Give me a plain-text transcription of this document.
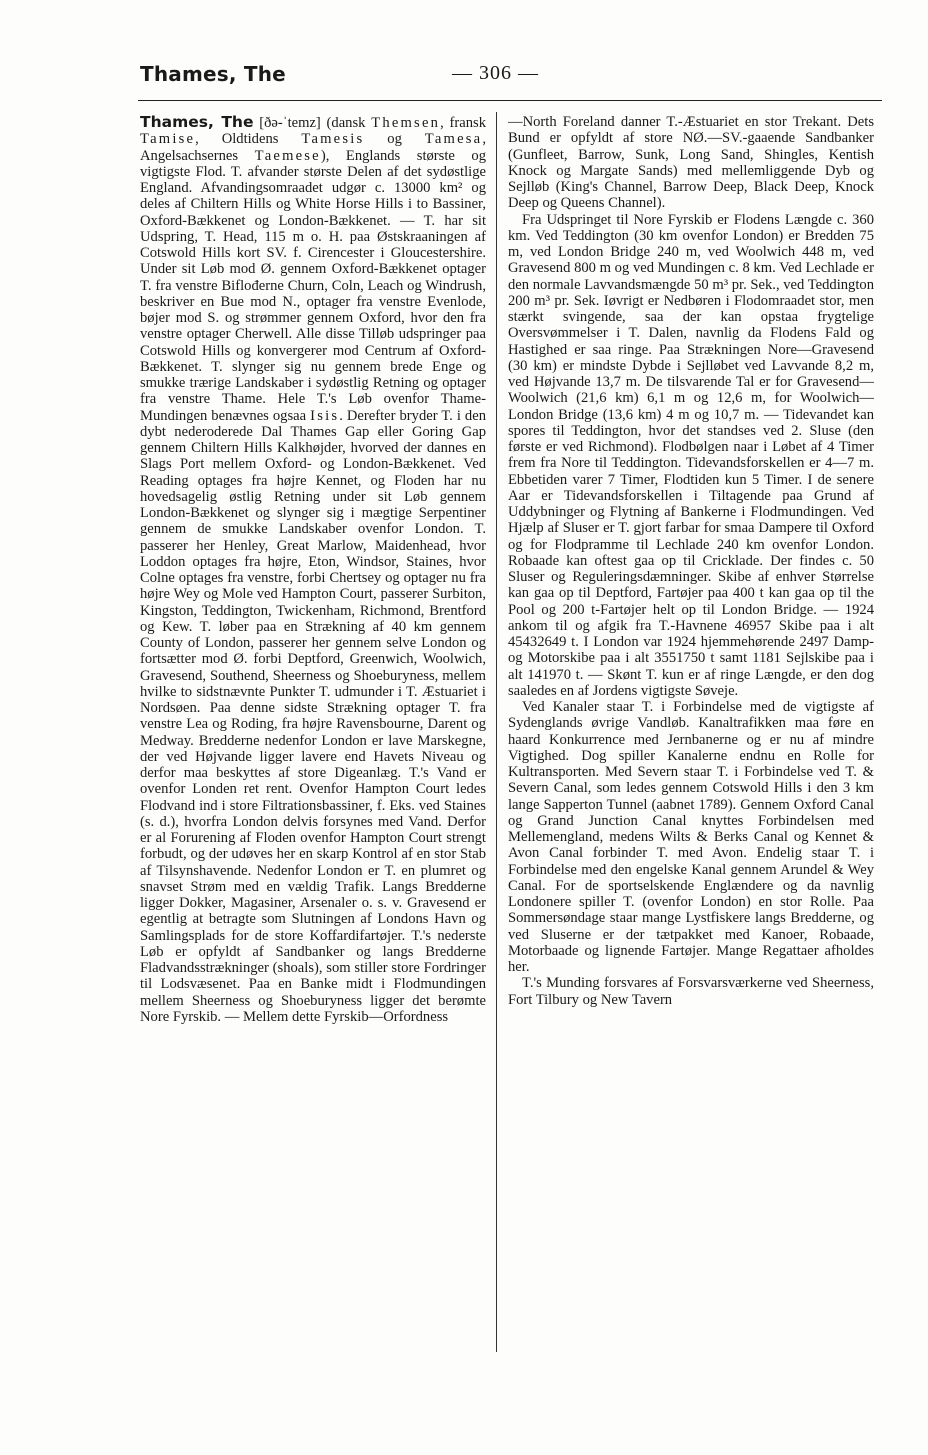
Thames, The	— 306 —

Thames, The [ðə-ˈtemz] (dansk Themsen, fransk Tamise, Oldtidens Tamesis og Tamesa, Angelsachsernes Taemese), Englands største og vigtigste Flod. T. afvander største Delen af det sydøstlige England. Afvandingsomraadet udgør c. 13000 km² og deles af Chiltern Hills og White Horse Hills i to Bassiner, Oxford-Bækkenet og London-Bækkenet. — T. har sit Udspring, T. Head, 115 m o. H. paa Østskraaningen af Cotswold Hills kort SV. f. Cirencester i Gloucestershire. Under sit Løb mod Ø. gennem Oxford-Bækkenet optager T. fra venstre Biflođerne Churn, Coln, Leach og Windrush, beskriver en Bue mod N., optager fra venstre Evenlode, bøjer mod S. og strømmer gennem Oxford, hvor den fra venstre optager Cherwell. Alle disse Tilløb udspringer paa Cotswold Hills og konvergerer mod Centrum af Oxford-Bækkenet. T. slynger sig nu gennem brede Enge og smukke trærige Landskaber i sydøstlig Retning og optager fra venstre Thame. Hele T.'s Løb ovenfor Thame-Mundingen benævnes ogsaa Isis. Derefter bryder T. i den dybt nederoderede Dal Thames Gap eller Goring Gap gennem Chiltern Hills Kalkhøjder, hvorved der dannes en Slags Port mellem Oxford- og London-Bækkenet. Ved Reading optages fra højre Kennet, og Floden har nu hovedsagelig østlig Retning under sit Løb gennem London-Bækkenet og slynger sig i mægtige Serpentiner gennem de smukke Landskaber ovenfor London. T. passerer her Henley, Great Marlow, Maidenhead, hvor Loddon optages fra højre, Eton, Windsor, Staines, hvor Colne optages fra venstre, forbi Chertsey og optager nu fra højre Wey og Mole ved Hampton Court, passerer Surbiton, Kingston, Teddington, Twickenham, Richmond, Brentford og Kew. T. løber paa en Strækning af 40 km gennem County of London, passerer her gennem selve London og fortsætter mod Ø. forbi Deptford, Greenwich, Woolwich, Gravesend, Southend, Sheerness og Shoeburyness, mellem hvilke to sidstnævnte Punkter T. udmunder i T. Æstuariet i Nordsøen. Paa denne sidste Strækning optager T. fra venstre Lea og Roding, fra højre Ravensbourne, Darent og Medway. Bredderne nedenfor London er lave Marskegne, der ved Højvande ligger lavere end Havets Niveau og derfor maa beskyttes af store Digeanlæg. T.'s Vand er ovenfor Londen ret rent. Ovenfor Hampton Court ledes Flodvand ind i store Filtrationsbassiner, f. Eks. ved Staines (s. d.), hvorfra London delvis forsynes med Vand. Derfor er al Forurening af Floden ovenfor Hampton Court strengt forbudt, og der udøves her en skarp Kontrol af en stor Stab af Tilsynshavende. Nedenfor London er T. en plumret og snavset Strøm med en vældig Trafik. Langs Bredderne ligger Dokker, Magasiner, Arsenaler o. s. v. Gravesend er egentlig at betragte som Slutningen af Londons Havn og Samlingsplads for de store Koffardifartøjer. T.'s nederste Løb er opfyldt af Sandbanker og langs Bredderne Fladvandsstrækninger (shoals), som stiller store Fordringer til Lodsvæsenet. Paa en Banke midt i Flodmundingen mellem Sheerness og Shoeburyness ligger det berømte Nore Fyrskib. — Mellem dette Fyrskib—Orfordness

—North Foreland danner T.-Æstuariet en stor Trekant. Dets Bund er opfyldt af store NØ.—SV.-gaaende Sandbanker (Gunfleet, Barrow, Sunk, Long Sand, Shingles, Kentish Knock og Margate Sands) med mellemliggende Dyb og Sejlløb (King's Channel, Barrow Deep, Black Deep, Knock Deep og Queens Channel).

Fra Udspringet til Nore Fyrskib er Flodens Længde c. 360 km. Ved Teddington (30 km ovenfor London) er Bredden 75 m, ved London Bridge 240 m, ved Woolwich 448 m, ved Gravesend 800 m og ved Mundingen c. 8 km. Ved Lechlade er den normale Lavvandsmængde 50 m³ pr. Sek., ved Teddington 200 m³ pr. Sek. Iøvrigt er Nedbøren i Flodomraadet stor, men stærkt svingende, saa der kan opstaa frygtelige Oversvømmelser i T. Dalen, navnlig da Flodens Fald og Hastighed er saa ringe. Paa Strækningen Nore—Gravesend (30 km) er mindste Dybde i Sejlløbet ved Lavvande 8,2 m, ved Højvande 13,7 m. De tilsvarende Tal er for Gravesend—Woolwich (21,6 km) 6,1 m og 12,6 m, for Woolwich—London Bridge (13,6 km) 4 m og 10,7 m. — Tidevandet kan spores til Teddington, hvor det standses ved 2. Sluse (den første er ved Richmond). Flodbølgen naar i Løbet af 4 Timer frem fra Nore til Teddington. Tidevandsforskellen er 4—7 m. Ebbetiden varer 7 Timer, Flodtiden kun 5 Timer. I de senere Aar er Tidevandsforskellen i Tiltagende paa Grund af Uddybninger og Flytning af Bankerne i Flodmundingen. Ved Hjælp af Sluser er T. gjort farbar for smaa Dampere til Oxford og for Flodpramme til Lechlade 240 km ovenfor London. Robaade kan oftest gaa op til Cricklade. Der findes c. 50 Sluser og Reguleringsdæmninger. Skibe af enhver Størrelse kan gaa op til Deptford, Fartøjer paa 400 t kan gaa op til the Pool og 200 t-Fartøjer helt op til London Bridge. — 1924 ankom til og afgik fra T.-Havnene 46957 Skibe paa i alt 45432649 t. I London var 1924 hjemmehørende 2497 Damp- og Motorskibe paa i alt 3551750 t samt 1181 Sejlskibe paa i alt 141970 t. — Skønt T. kun er af ringe Længde, er den dog saaledes en af Jordens vigtigste Søveje.

Ved Kanaler staar T. i Forbindelse med de vigtigste af Sydenglands øvrige Vandløb. Kanaltrafikken maa føre en haard Konkurrence med Jernbanerne og er nu af mindre Vigtighed. Dog spiller Kanalerne endnu en Rolle for Kultransporten. Med Severn staar T. i Forbindelse ved T. & Severn Canal, som ledes gennem Cotswold Hills i den 3 km lange Sapperton Tunnel (aabnet 1789). Gennem Oxford Canal og Grand Junction Canal knyttes Forbindelsen med Mellemengland, medens Wilts & Berks Canal og Kennet & Avon Canal forbinder T. med Avon. Endelig staar T. i Forbindelse med den engelske Kanal gennem Arundel & Wey Canal. For de sportselskende Englændere og da navnlig Londonere spiller T. (ovenfor London) en stor Rolle. Paa Sommersøndage staar mange Lystfiskere langs Bredderne, og ved Sluserne er der tætpakket med Kanoer, Robaade, Motorbaade og lignende Fartøjer. Mange Regattaer afholdes her.

T.'s Munding forsvares af Forsvarsværkerne ved Sheerness, Fort Tilbury og New Tavern
